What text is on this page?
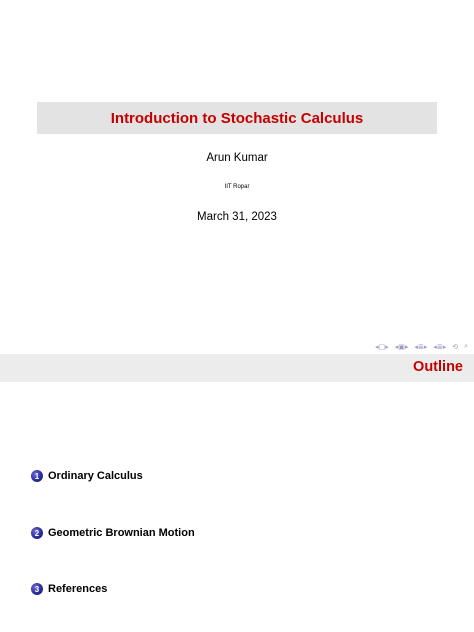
Introduction to Stochastic Calculus
Arun Kumar
IIT Ropar
March 31, 2023
◂□▸ ◂▣▸ ◂≣▸ ◂≣▸ ⟲ ⌕
Outline
1 Ordinary Calculus
2 Geometric Brownian Motion
3 References
